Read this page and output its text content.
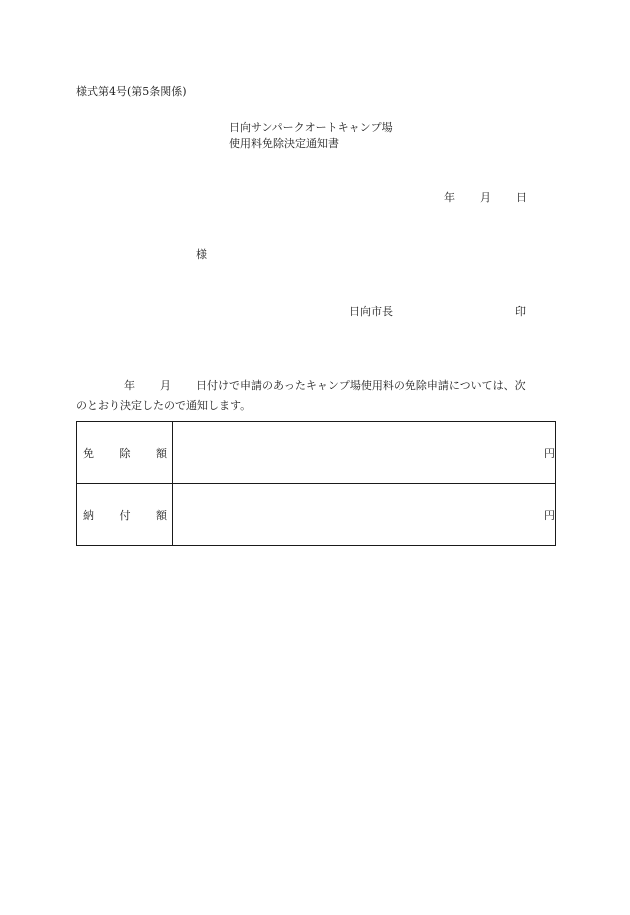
様式第4号(第5条関係)
日向サンパークオートキャンプ場
使用料免除決定通知書
年 月 日
様
日向市長	印
年 月 日付けで申請のあったキャンプ場使用料の免除申請については、次
のとおり決定したので通知します。
免 除 額	円

納 付 額	円
